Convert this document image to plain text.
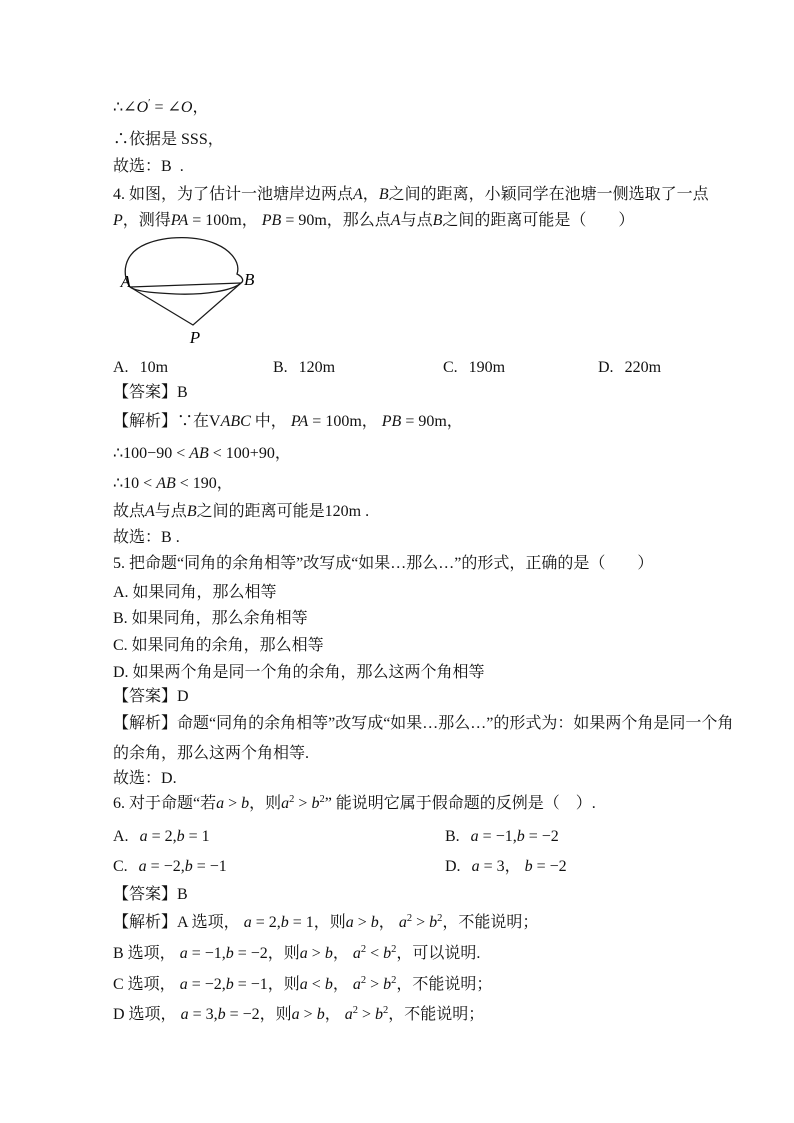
∴∠O′ = ∠O，
∴依据是 SSS，
故选：B  .
4. 如图，为了估计一池塘岸边两点A，B之间的距离，小颖同学在池塘一侧选取了一点
P，测得PA = 100m， PB = 90m，那么点A与点B之间的距离可能是（　　）
A	B
P

A. 10m

	B. 120m

	C. 190m

	D. 220m

【答案】B
【解析】∵在VABC 中， PA = 100m， PB = 90m，
∴100−90 < AB < 100+90，
∴10 < AB < 190，
故点A与点B之间的距离可能是120m .
故选：B .
5. 把命题“同角的余角相等”改写成“如果…那么…”的形式，正确的是（　　）
A. 如果同角，那么相等
B. 如果同角，那么余角相等
C. 如果同角的余角，那么相等
D. 如果两个角是同一个角的余角，那么这两个角相等
【答案】D
【解析】命题“同角的余角相等”改写成“如果…那么…”的形式为：如果两个角是同一个角
的余角，那么这两个角相等.
故选：D.
6. 对于命题“若a > b，则$a^2 > b^2$” 能说明它属于假命题的反例是（　）.

A. a = 2,b = 1

	B. a = −1,b = −2

C. a = −2,b = −1

	D. a = 3， b = −2

【答案】B
【解析】A 选项， a = 2,b = 1，则a > b， $a^2 > b^2$，不能说明；
B 选项， a = −1,b = −2，则a > b， $a^2 < b^2$，可以说明.
C 选项， a = −2,b = −1，则a < b， $a^2 > b^2$，不能说明；
D 选项， a = 3,b = −2，则a > b， $a^2 > b^2$，不能说明；
